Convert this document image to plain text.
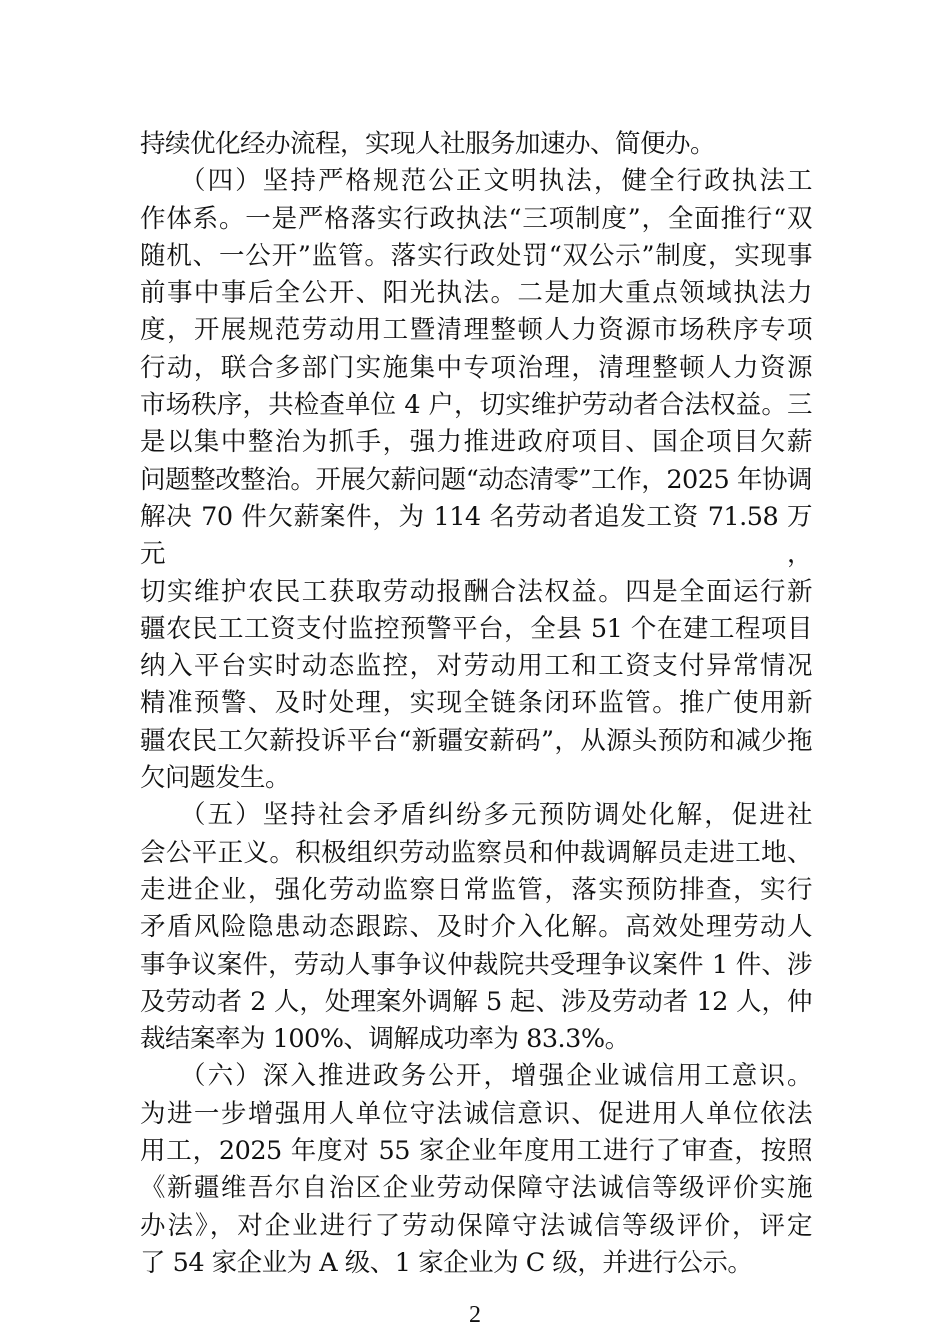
持续优化经办流程，实现人社服务加速办、简便办。
（四）坚持严格规范公正文明执法，健全行政执法工
作体系。一是严格落实行政执法“三项制度”，全面推行“双
随机、一公开”监管。落实行政处罚“双公示”制度，实现事
前事中事后全公开、阳光执法。二是加大重点领域执法力
度，开展规范劳动用工暨清理整顿人力资源市场秩序专项
行动，联合多部门实施集中专项治理，清理整顿人力资源
市场秩序，共检查单位 4 户，切实维护劳动者合法权益。三
是以集中整治为抓手，强力推进政府项目、国企项目欠薪
问题整改整治。开展欠薪问题“动态清零”工作，2025 年协调
解决 70 件欠薪案件，为 114 名劳动者追发工资 71.58 万元，
切实维护农民工获取劳动报酬合法权益。四是全面运行新
疆农民工工资支付监控预警平台，全县 51 个在建工程项目
纳入平台实时动态监控，对劳动用工和工资支付异常情况
精准预警、及时处理，实现全链条闭环监管。推广使用新
疆农民工欠薪投诉平台“新疆安薪码”，从源头预防和减少拖
欠问题发生。
（五）坚持社会矛盾纠纷多元预防调处化解，促进社
会公平正义。积极组织劳动监察员和仲裁调解员走进工地、
走进企业，强化劳动监察日常监管，落实预防排查，实行
矛盾风险隐患动态跟踪、及时介入化解。高效处理劳动人
事争议案件，劳动人事争议仲裁院共受理争议案件 1 件、涉
及劳动者 2 人，处理案外调解 5 起、涉及劳动者 12 人，仲
裁结案率为 100%、调解成功率为 83.3%。
（六）深入推进政务公开，增强企业诚信用工意识。
为进一步增强用人单位守法诚信意识、促进用人单位依法
用工，2025 年度对 55 家企业年度用工进行了审查，按照
《新疆维吾尔自治区企业劳动保障守法诚信等级评价实施
办法》，对企业进行了劳动保障守法诚信等级评价，评定
了 54 家企业为 A 级、1 家企业为 C 级，并进行公示。
2
